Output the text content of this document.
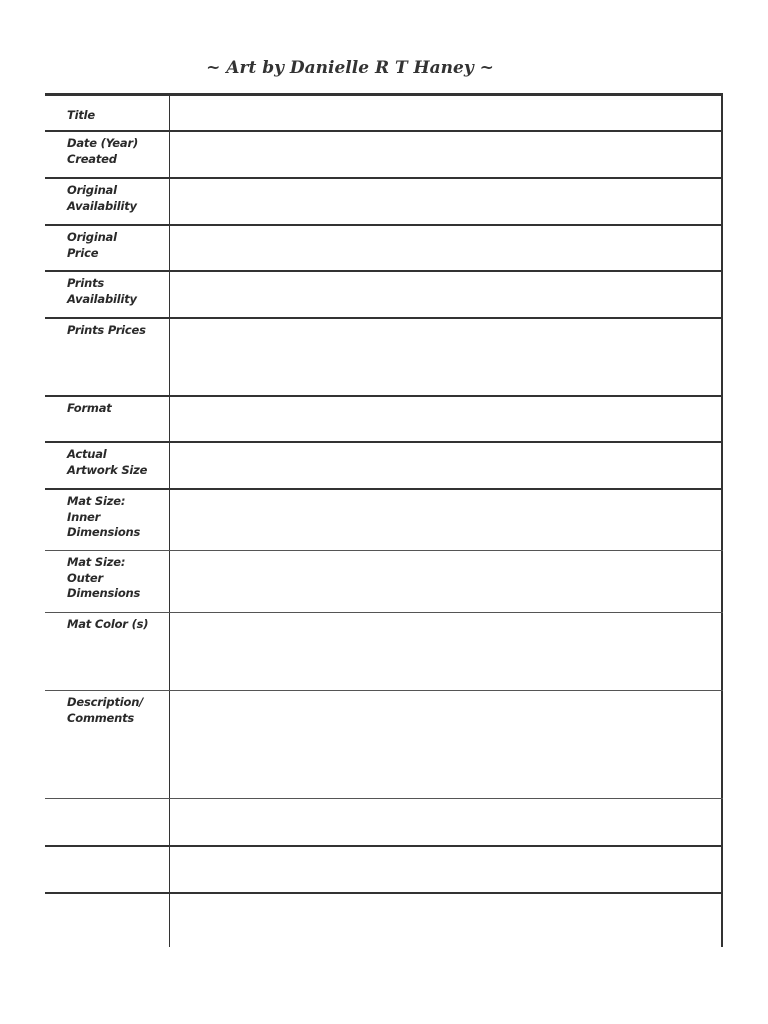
~ Art by Danielle R T Haney ~
Title
Date (Year)
Created
Original
Availability
Original
Price
Prints
Availability
Prints Prices
Format
Actual
Artwork Size
Mat Size:
Inner
Dimensions
Mat Size:
Outer
Dimensions
Mat Color (s)
Description/
Comments
